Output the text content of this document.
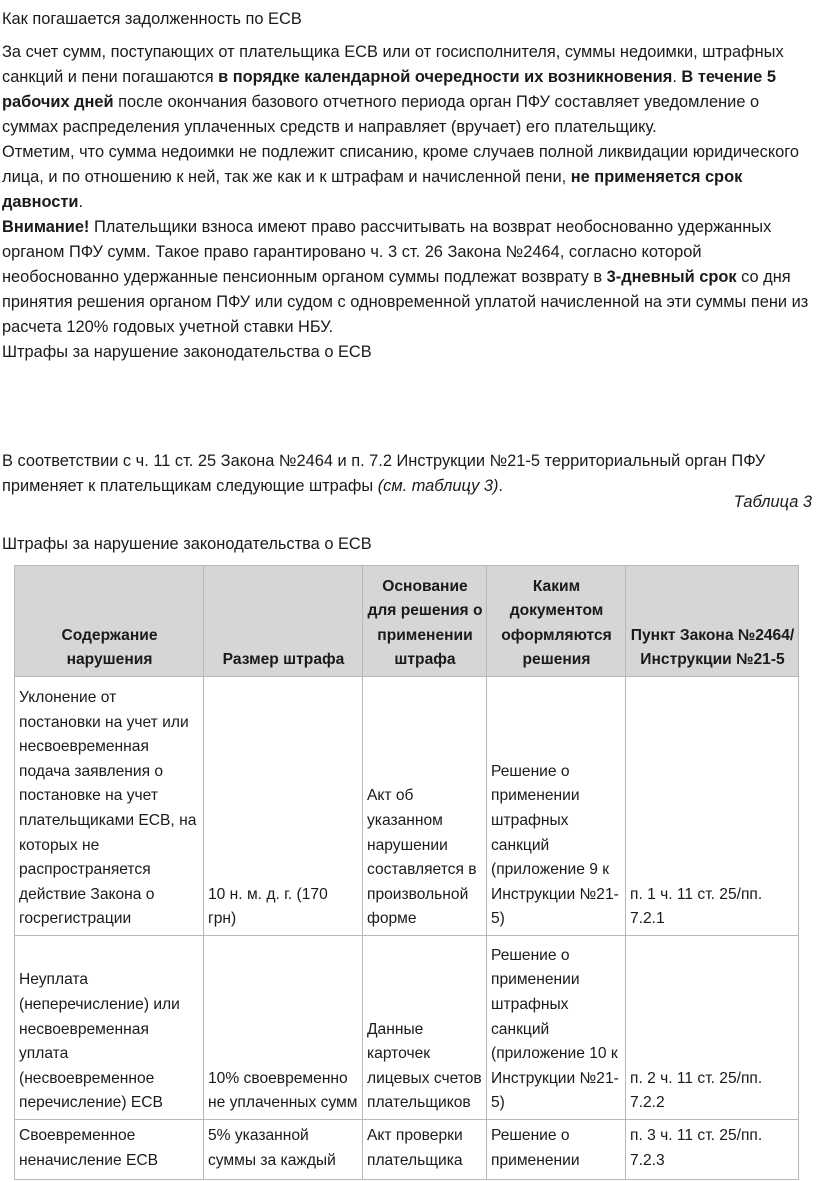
Как погашается задолженность по ЕСВ

За счет сумм, поступающих от плательщика ЕСВ или от госисполнителя, суммы недоимки, штрафных санкций и пени погашаются в порядке календарной очередности их возникновения. В течение 5 рабочих дней после окончания базового отчетного периода орган ПФУ составляет уведомление о суммах распределения уплаченных средств и направляет (вручает) его плательщику.

Отметим, что сумма недоимки не подлежит списанию, кроме случаев полной ликвидации юридического лица, и по отношению к ней, так же как и к штрафам и начисленной пени, не применяется срок давности.

Внимание! Плательщики взноса имеют право рассчитывать на возврат необоснованно удержанных органом ПФУ сумм. Такое право гарантировано ч. 3 ст. 26 Закона №2464, согласно которой необоснованно удержанные пенсионным органом суммы подлежат возврату в 3-дневный срок со дня принятия решения органом ПФУ или судом с одновременной уплатой начисленной на эти суммы пени из расчета 120% годовых учетной ставки НБУ.

Штрафы за нарушение законодательства о ЕСВ

В соответствии с ч. 11 ст. 25 Закона №2464 и п. 7.2 Инструкции №21-5 территориальный орган ПФУ применяет к плательщикам следующие штрафы (см. таблицу 3).

Таблица 3

Штрафы за нарушение законодательства о ЕСВ

Содержание нарушения	Размер штрафа	Основание для решения о применении штрафа	Каким документом оформляются решения	Пункт Закона №2464/Инструкции №21-5
Уклонение от постановки на учет или несвоевременная подача заявления о постановке на учет плательщиками ЕСВ, на которых не распространяется действие Закона о госрегистрации	10 н. м. д. г. (170 грн)	Акт об указанном нарушении составляется в произвольной форме	Решение о применении штрафных санкций (приложение 9 к Инструкции №21-5)	п. 1 ч. 11 ст. 25/пп. 7.2.1
Неуплата (неперечисление) или несвоевременная уплата (несвоевременное перечисление) ЕСВ	10% своевременно не уплаченных сумм	Данные карточек лицевых счетов плательщиков	Решение о применении штрафных санкций (приложение 10 к Инструкции №21-5)	п. 2 ч. 11 ст. 25/пп. 7.2.2
Своевременное неначисление ЕСВ	5% указанной суммы за каждый	Акт проверки плательщика	Решение о применении	п. 3 ч. 11 ст. 25/пп. 7.2.3
